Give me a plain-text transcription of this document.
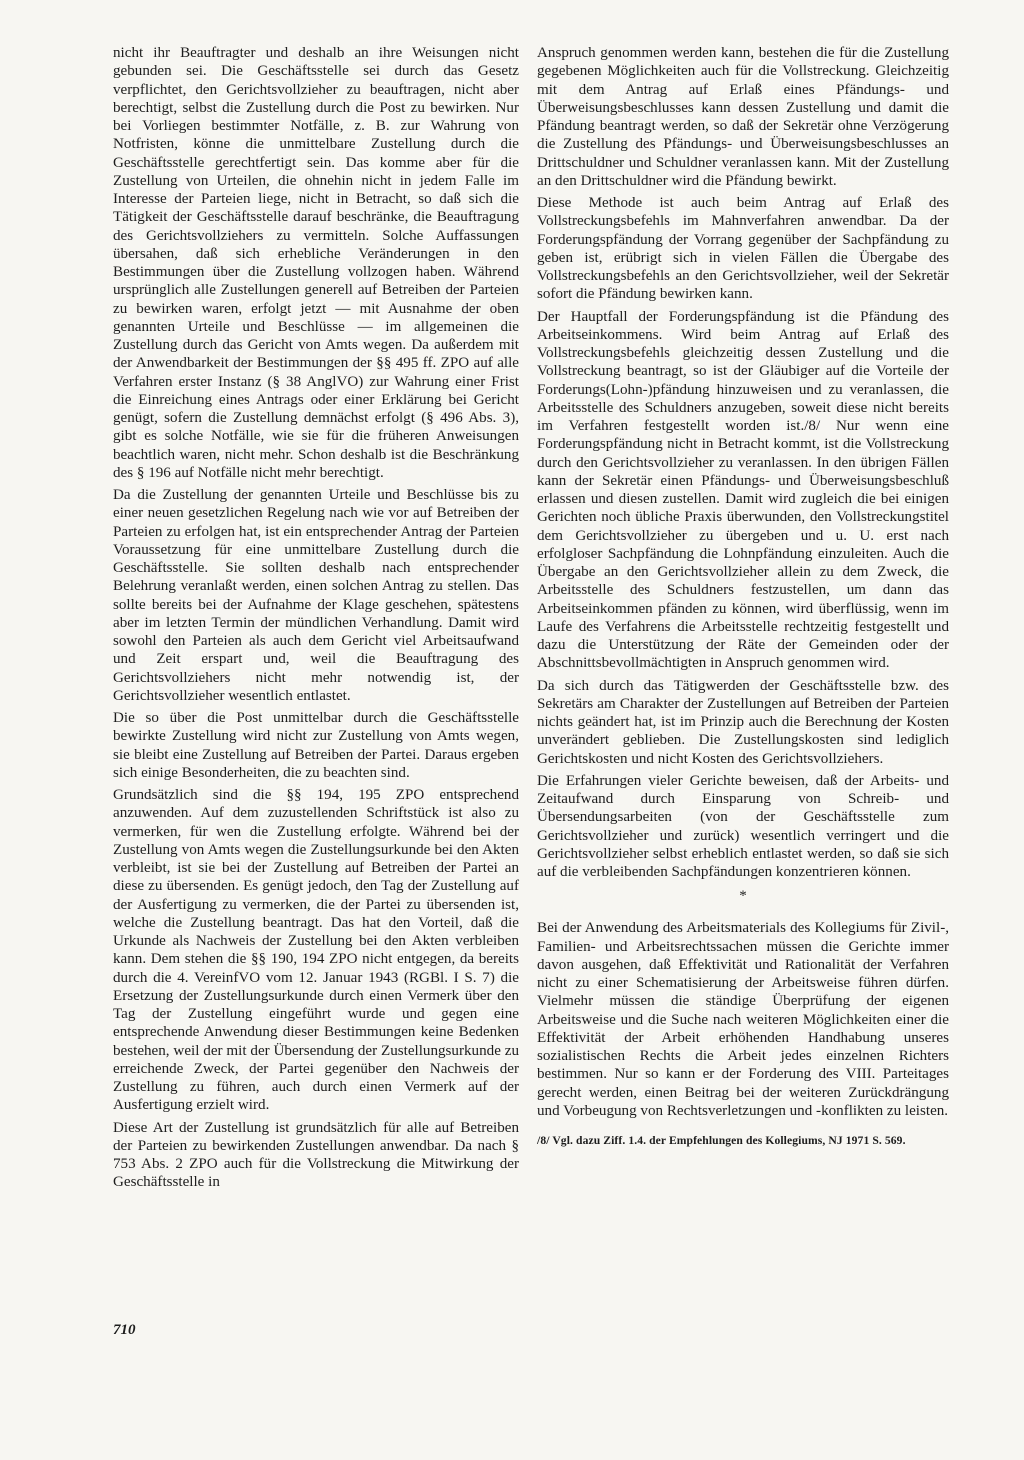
nicht ihr Beauftragter und deshalb an ihre Weisungen nicht gebunden sei. Die Geschäftsstelle sei durch das Gesetz verpflichtet, den Gerichtsvollzieher zu beauftragen, nicht aber berechtigt, selbst die Zustellung durch die Post zu bewirken. Nur bei Vorliegen bestimmter Notfälle, z. B. zur Wahrung von Notfristen, könne die unmittelbare Zustellung durch die Geschäftsstelle gerechtfertigt sein. Das komme aber für die Zustellung von Urteilen, die ohnehin nicht in jedem Falle im Interesse der Parteien liege, nicht in Betracht, so daß sich die Tätigkeit der Geschäftsstelle darauf beschränke, die Beauftragung des Gerichtsvollziehers zu vermitteln. Solche Auffassungen übersahen, daß sich erhebliche Veränderungen in den Bestimmungen über die Zustellung vollzogen haben. Während ursprünglich alle Zustellungen generell auf Betreiben der Parteien zu bewirken waren, erfolgt jetzt — mit Ausnahme der oben genannten Urteile und Beschlüsse — im allgemeinen die Zustellung durch das Gericht von Amts wegen. Da außerdem mit der Anwendbarkeit der Bestimmungen der §§ 495 ff. ZPO auf alle Verfahren erster Instanz (§ 38 AnglVO) zur Wahrung einer Frist die Einreichung eines Antrags oder einer Erklärung bei Gericht genügt, sofern die Zustellung demnächst erfolgt (§ 496 Abs. 3), gibt es solche Notfälle, wie sie für die früheren Anweisungen beachtlich waren, nicht mehr. Schon deshalb ist die Beschränkung des § 196 auf Notfälle nicht mehr berechtigt.

Da die Zustellung der genannten Urteile und Beschlüsse bis zu einer neuen gesetzlichen Regelung nach wie vor auf Betreiben der Parteien zu erfolgen hat, ist ein entsprechender Antrag der Parteien Voraussetzung für eine unmittelbare Zustellung durch die Geschäftsstelle. Sie sollten deshalb nach entsprechender Belehrung veranlaßt werden, einen solchen Antrag zu stellen. Das sollte bereits bei der Aufnahme der Klage geschehen, spätestens aber im letzten Termin der mündlichen Verhandlung. Damit wird sowohl den Parteien als auch dem Gericht viel Arbeitsaufwand und Zeit erspart und, weil die Beauftragung des Gerichtsvollziehers nicht mehr notwendig ist, der Gerichtsvollzieher wesentlich entlastet.

Die so über die Post unmittelbar durch die Geschäftsstelle bewirkte Zustellung wird nicht zur Zustellung von Amts wegen, sie bleibt eine Zustellung auf Betreiben der Partei. Daraus ergeben sich einige Besonderheiten, die zu beachten sind.

Grundsätzlich sind die §§ 194, 195 ZPO entsprechend anzuwenden. Auf dem zuzustellenden Schriftstück ist also zu vermerken, für wen die Zustellung erfolgte. Während bei der Zustellung von Amts wegen die Zustellungsurkunde bei den Akten verbleibt, ist sie bei der Zustellung auf Betreiben der Partei an diese zu übersenden. Es genügt jedoch, den Tag der Zustellung auf der Ausfertigung zu vermerken, die der Partei zu übersenden ist, welche die Zustellung beantragt. Das hat den Vorteil, daß die Urkunde als Nachweis der Zustellung bei den Akten verbleiben kann. Dem stehen die §§ 190, 194 ZPO nicht entgegen, da bereits durch die 4. VereinfVO vom 12. Januar 1943 (RGBl. I S. 7) die Ersetzung der Zustellungsurkunde durch einen Vermerk über den Tag der Zustellung eingeführt wurde und gegen eine entsprechende Anwendung dieser Bestimmungen keine Bedenken bestehen, weil der mit der Übersendung der Zustellungsurkunde zu erreichende Zweck, der Partei gegenüber den Nachweis der Zustellung zu führen, auch durch einen Vermerk auf der Ausfertigung erzielt wird.

Diese Art der Zustellung ist grundsätzlich für alle auf Betreiben der Parteien zu bewirkenden Zustellungen anwendbar. Da nach § 753 Abs. 2 ZPO auch für die Vollstreckung die Mitwirkung der Geschäftsstelle in

Anspruch genommen werden kann, bestehen die für die Zustellung gegebenen Möglichkeiten auch für die Vollstreckung. Gleichzeitig mit dem Antrag auf Erlaß eines Pfändungs- und Überweisungsbeschlusses kann dessen Zustellung und damit die Pfändung beantragt werden, so daß der Sekretär ohne Verzögerung die Zustellung des Pfändungs- und Überweisungsbeschlusses an Drittschuldner und Schuldner veranlassen kann. Mit der Zustellung an den Drittschuldner wird die Pfändung bewirkt.

Diese Methode ist auch beim Antrag auf Erlaß des Vollstreckungsbefehls im Mahnverfahren anwendbar. Da der Forderungspfändung der Vorrang gegenüber der Sachpfändung zu geben ist, erübrigt sich in vielen Fällen die Übergabe des Vollstreckungsbefehls an den Gerichtsvollzieher, weil der Sekretär sofort die Pfändung bewirken kann.

Der Hauptfall der Forderungspfändung ist die Pfändung des Arbeitseinkommens. Wird beim Antrag auf Erlaß des Vollstreckungsbefehls gleichzeitig dessen Zustellung und die Vollstreckung beantragt, so ist der Gläubiger auf die Vorteile der Forderungs(Lohn-)pfändung hinzuweisen und zu veranlassen, die Arbeitsstelle des Schuldners anzugeben, soweit diese nicht bereits im Verfahren festgestellt worden ist./8/ Nur wenn eine Forderungspfändung nicht in Betracht kommt, ist die Vollstreckung durch den Gerichtsvollzieher zu veranlassen. In den übrigen Fällen kann der Sekretär einen Pfändungs- und Überweisungsbeschluß erlassen und diesen zustellen. Damit wird zugleich die bei einigen Gerichten noch übliche Praxis überwunden, den Vollstreckungstitel dem Gerichtsvollzieher zu übergeben und u. U. erst nach erfolgloser Sachpfändung die Lohnpfändung einzuleiten. Auch die Übergabe an den Gerichtsvollzieher allein zu dem Zweck, die Arbeitsstelle des Schuldners festzustellen, um dann das Arbeitseinkommen pfänden zu können, wird überflüssig, wenn im Laufe des Verfahrens die Arbeitsstelle rechtzeitig festgestellt und dazu die Unterstützung der Räte der Gemeinden oder der Abschnittsbevollmächtigten in Anspruch genommen wird.

Da sich durch das Tätigwerden der Geschäftsstelle bzw. des Sekretärs am Charakter der Zustellungen auf Betreiben der Parteien nichts geändert hat, ist im Prinzip auch die Berechnung der Kosten unverändert geblieben. Die Zustellungskosten sind lediglich Gerichtskosten und nicht Kosten des Gerichtsvollziehers.

Die Erfahrungen vieler Gerichte beweisen, daß der Arbeits- und Zeitaufwand durch Einsparung von Schreib- und Übersendungsarbeiten (von der Geschäftsstelle zum Gerichtsvollzieher und zurück) wesentlich verringert und die Gerichtsvollzieher selbst erheblich entlastet werden, so daß sie sich auf die verbleibenden Sachpfändungen konzentrieren können.

*

Bei der Anwendung des Arbeitsmaterials des Kollegiums für Zivil-, Familien- und Arbeitsrechtssachen müssen die Gerichte immer davon ausgehen, daß Effektivität und Rationalität der Verfahren nicht zu einer Schematisierung der Arbeitsweise führen dürfen. Vielmehr müssen die ständige Überprüfung der eigenen Arbeitsweise und die Suche nach weiteren Möglichkeiten einer die Effektivität der Arbeit erhöhenden Handhabung unseres sozialistischen Rechts die Arbeit jedes einzelnen Richters bestimmen. Nur so kann er der Forderung des VIII. Parteitages gerecht werden, einen Beitrag bei der weiteren Zurückdrängung und Vorbeugung von Rechtsverletzungen und -konflikten zu leisten.

/8/ Vgl. dazu Ziff. 1.4. der Empfehlungen des Kollegiums, NJ 1971 S. 569.
710
